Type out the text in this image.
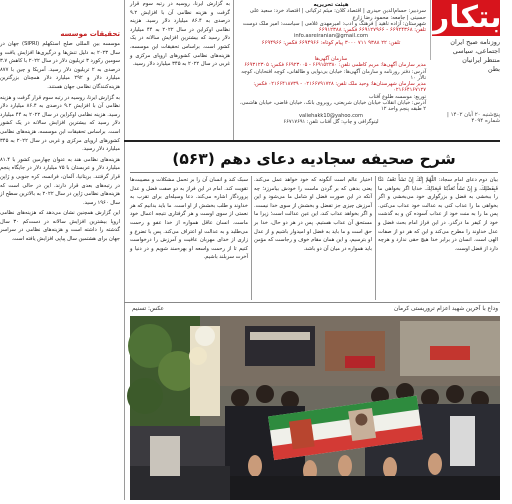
ابتکار
روزنامه صبح ایران
اجتماعی، سیاسی
منتظر ایرانیان
بطن
هیئت تحریریه
سردبیر: حسام‌الدین حیدری | اقتصاد کلان: میثم ترکیانی | اقتصاد خرد: سعید علی حسینی | جامعه: محمود رضا زارع
شهرستان: آزاده ناهید | فرهنگ و ادب: امیرمهدی غلامی | سیاست: امیر ملک دوست
تلفن: ۶۶۹۲۴۳۶۸ - ۶۶۹۱۲۷۹۶۶ فکس: ۶۶۹۱۲۳۸۸
info.asreiranian@gmail.com
تلفن: ۲۲ ۹۳۸۸ ۷۱۱ ۳۰۰۰ پیام کوتاه: ۶۶۹۴۹۶۶ فکس: ۶۶۹۴۹۶۶
سازمان آگهی‌ها
مدیر سازمان آگهی‌ها: مریم کاظمی تلفن: ۶۶۹۱۵۲۳۸۰ - ۶۶۹۲۳۰۰۵ فکس: ۶۶۹۳۱۲۳۰۵
آدرس: دفتر روزنامه و سازمان آگهی‌ها: خیابان بی‌نوایی و طالقانی، کوچه افتحابان، کوچه تالار ۱۰
مدیر سازمان شهرستان‌ها: وحید ملک تلفن: ۰۲۱۶۶۷۹۱۷۲۸ - ۰۲۱۶۶۴۱۸۷۳۹ فکس: ۰۲۱۶۶۴۱۶۷۱۲۷
توزیع: موسسه طلوع آفتاب
آدرس: خیابان انقلاب خیابان خیابان شریعتی، روبروی بانک، خیابان قاضی، خیابان هاشمی، ۲ طبقه پنجم واحد ۱۲
valiehakk10@yahoo.com
لیتوگرافی و چاپ: گل آفتاب تلفن: ۶۶۷۱۷۶۹۱
پنج‌شنبه ۲۰ آبان ۱۴۰۲ | شماره ۴۰۹۴
تحقیقات موسسه

موسسه بین المللی صلح استکهلم (SIPRI) جهان در سال ۲۰۲۳ به دلیل تنش‌ها و درگیری‌ها افزایش یافت و سومین رکورد ۳ تریلیون دلار در سال ۲۰۲۲ با کاهش ۳.۷ درصدی به ۲ تریلیون دلار رسید. آمریکا و چین با ۸۷۷ میلیارد دلار و ۲۹۲ میلیارد دلار همچنان بزرگترین هزینه‌کنندگان نظامی جهان هستند.

به گزارش ایرنا، روسیه در رتبه سوم قرار گرفت و هزینه نظامی آن با افزایش ۹.۲ درصدی به ۸۶.۴ میلیارد دلار رسید. هزینه نظامی اوکراین در سال ۲۰۲۲ به ۴۴ میلیارد دلار رسید که بیشترین افزایش سالانه در یک کشور است. براساس تحقیقات این موسسه، هزینه‌های نظامی کشورهای اروپای مرکزی و غربی در سال ۲۰۲۲ به ۳۴۵ میلیارد دلار رسید.

هزینه‌های نظامی هند به عنوان چهارمین کشور با ۸۱.۴ میلیارد دلار و عربستان با ۷۵ میلیارد دلار در جایگاه پنجم قرار گرفتند. بریتانیا، آلمان، فرانسه، کره جنوبی و ژاپن در رتبه‌های بعدی قرار دارند. این در حالی است که هزینه‌های نظامی ژاپن در سال ۲۰۲۲ به بالاترین سطح از سال ۱۹۶۰ رسید.

این گزارش همچنین نشان می‌دهد که هزینه‌های نظامی اروپا بیشترین افزایش سالانه در دست‌کم ۳۰ سال گذشته را داشته است و هزینه‌های نظامی در سراسر جهان برای هشتمین سال پیاپی افزایش یافته است.

به گزارش ایرنا، روسیه در رتبه سوم قرار گرفت و هزینه نظامی آن با افزایش ۹.۲ درصدی به ۸۶.۴ میلیارد دلار رسید. هزینه نظامی اوکراین در سال ۲۰۲۲ به ۴۴ میلیارد دلار رسید که بیشترین افزایش سالانه در یک کشور است. براساس تحقیقات این موسسه، هزینه‌های نظامی کشورهای اروپای مرکزی و غربی در سال ۲۰۲۲ به ۳۴۵ میلیارد دلار رسید.

شرح صحیفه سجادیه دعای دهم (۵۶۳)

بیان دوم دعای امام سجاد: اللَّهُمَّ إِنَّكَ إِنْ تَشَأْ تَعْفُ عَنَّا فَبِفَضْلِكَ، وَ إِنْ تَشَأْ تُعَذِّبْنَا فَبِعَدْلِكَ. خدایا اگر بخواهی ما را ببخشی به فضل و بزرگواری خود می‌بخشی و اگر بخواهی ما را عذاب کنی به عدالت خود عذاب می‌کنی. پس ما را به منت خود از عذاب آسوده کن و به گذشت خود از کیفر ما درگذر. در این فراز امام بحث فضل و عدل خداوند را مطرح می‌کند و این که هر دو از صفات الهی است. انسان در برابر خدا هیچ حقی ندارد و هرچه دارد از فضل اوست.

اختیار عالم است آنگونه که خود خواهد عمل می‌کند. یعنی بدهی که بر گردن ماست را خودش بیامرزد؛ چه آنکه در این صورت فضل او شامل ما می‌شود و این آمرزش چیزی جز تفضل و بخشش از سوی خدا نیست. و اگر بخواهد عذاب کند، این عین عدالت است؛ زیرا ما مستحق آن عذاب هستیم. پس در هر دو حال، خدا بر حق است و ما باید به فضل او امیدوار باشیم و از عدل او بترسیم، و این همان مقام خوف و رجاست که مؤمن باید همواره در میان آن دو باشد.

سبک کند و انسان آن را بر تحمل مشکلات و مصیبت‌ها تقویت کند. امام در این فراز به دو صفت فضل و عدل پروردگار اشاره می‌کند. دعا وسیله‌ای برای تقرب به خداوند و طلب بخشش از او است. ما باید بدانیم که هر نعمتی از سوی اوست و هر گرفتاری نتیجه اعمال خود ماست. انسان عاقل همواره از خدا عفو و رحمت می‌طلبد و به عدالت او اعتراف می‌کند. پس با تضرع و زاری از خدای مهربان عافیت و آمرزش را درخواست کنیم تا از رحمت واسعه او بهره‌مند شویم و در دنیا و آخرت سربلند باشیم.

وداع با آخرین شهید اعزام تروریستی کرمان
عکس: تسنیم
